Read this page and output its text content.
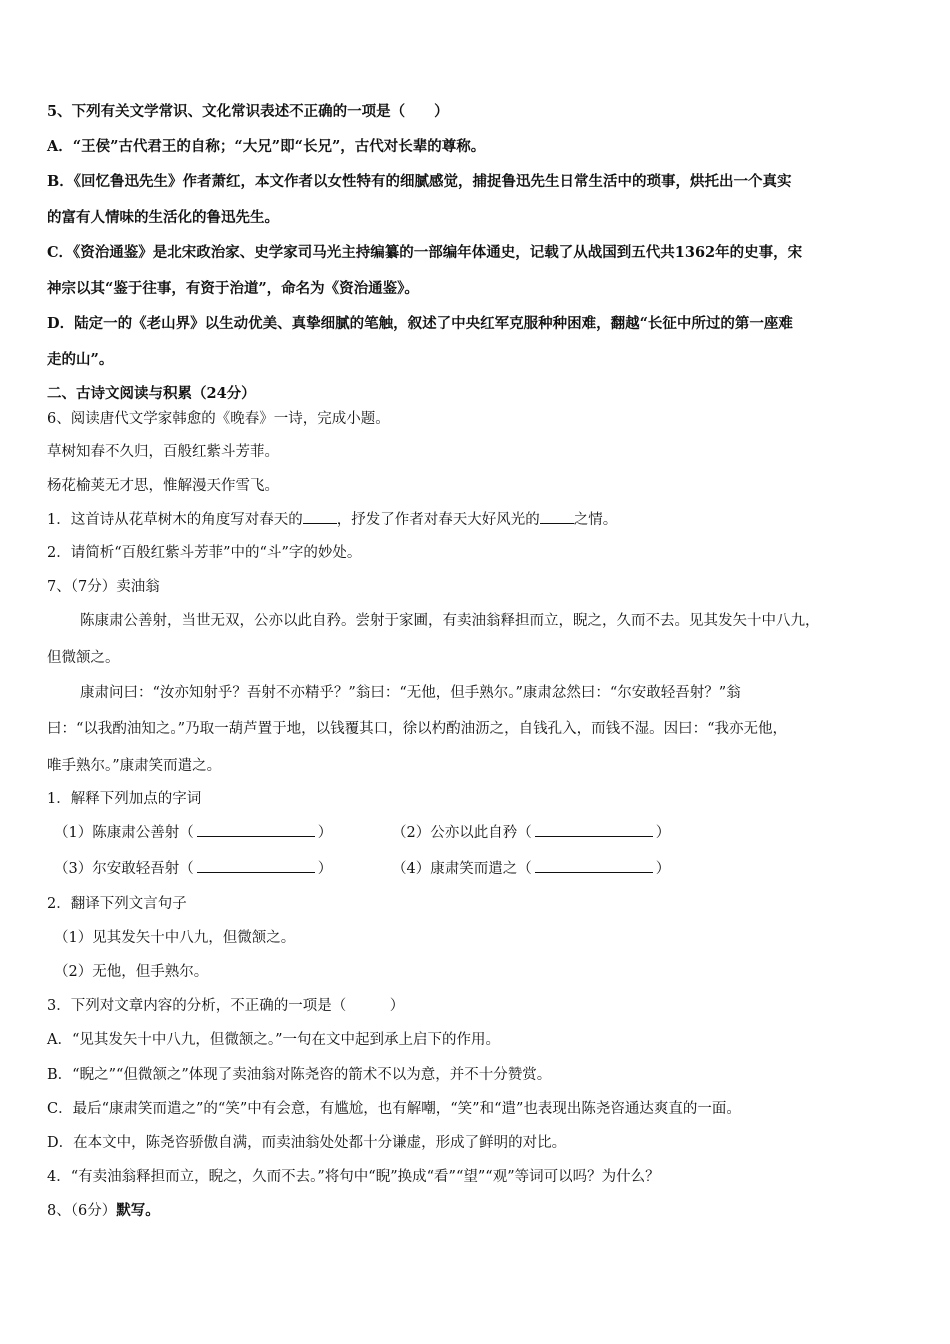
5、下列有关文学常识、文化常识表述不正确的一项是（　　）
A．“王侯”古代君王的自称；“大兄”即“长兄”，古代对长辈的尊称。
B．《回忆鲁迅先生》作者萧红，本文作者以女性特有的细腻感觉，捕捉鲁迅先生日常生活中的琐事，烘托出一个真实
的富有人情味的生活化的鲁迅先生。
C．《资治通鉴》是北宋政治家、史学家司马光主持编纂的一部编年体通史，记载了从战国到五代共1362年的史事，宋
神宗以其“鉴于往事，有资于治道”，命名为《资治通鉴》。
D．陆定一的《老山界》以生动优美、真挚细腻的笔触，叙述了中央红军克服种种困难，翻越“长征中所过的第一座难
走的山”。
二、古诗文阅读与积累（24分）
6、阅读唐代文学家韩愈的《晚春》一诗，完成小题。
草树知春不久归，百般红紫斗芳菲。
杨花榆荚无才思，惟解漫天作雪飞。
1．这首诗从花草树木的角度写对春天的 ，抒发了作者对春天大好风光的 之情。
2．请简析“百般红紫斗芳菲”中的“斗”字的妙处。
7、（7分）卖油翁
陈康肃公善射，当世无双，公亦以此自矜。尝射于家圃，有卖油翁释担而立，睨之，久而不去。见其发矢十中八九，
但微颔之。
康肃问曰：“汝亦知射乎？吾射不亦精乎？”翁曰：“无他，但手熟尔。”康肃忿然曰：“尔安敢轻吾射？”翁
曰：“以我酌油知之。”乃取一葫芦置于地，以钱覆其口，徐以杓酌油沥之，自钱孔入，而钱不湿。因曰：“我亦无他，
唯手熟尔。”康肃笑而遣之。
1．解释下列加点的字词
（1）陈康肃公善射（	）	（2）公亦以此自矜（	）
（3）尔安敢轻吾射（	）	（4）康肃笑而遣之（	）
2．翻译下列文言句子
（1）见其发矢十中八九，但微颔之。
（2）无他，但手熟尔。
3．下列对文章内容的分析，不正确的一项是（　　　）
A．“见其发矢十中八九，但微颔之。”一句在文中起到承上启下的作用。
B．“睨之”“但微颔之”体现了卖油翁对陈尧咨的箭术不以为意，并不十分赞赏。
C．最后“康肃笑而遣之”的“笑”中有会意，有尴尬，也有解嘲，“笑”和“遣”也表现出陈尧咨通达爽直的一面。
D．在本文中，陈尧咨骄傲自满，而卖油翁处处都十分谦虚，形成了鲜明的对比。
4．“有卖油翁释担而立，睨之，久而不去。”将句中“睨”换成“看”“望”“观”等词可以吗？为什么？
8、（6分）默写。
